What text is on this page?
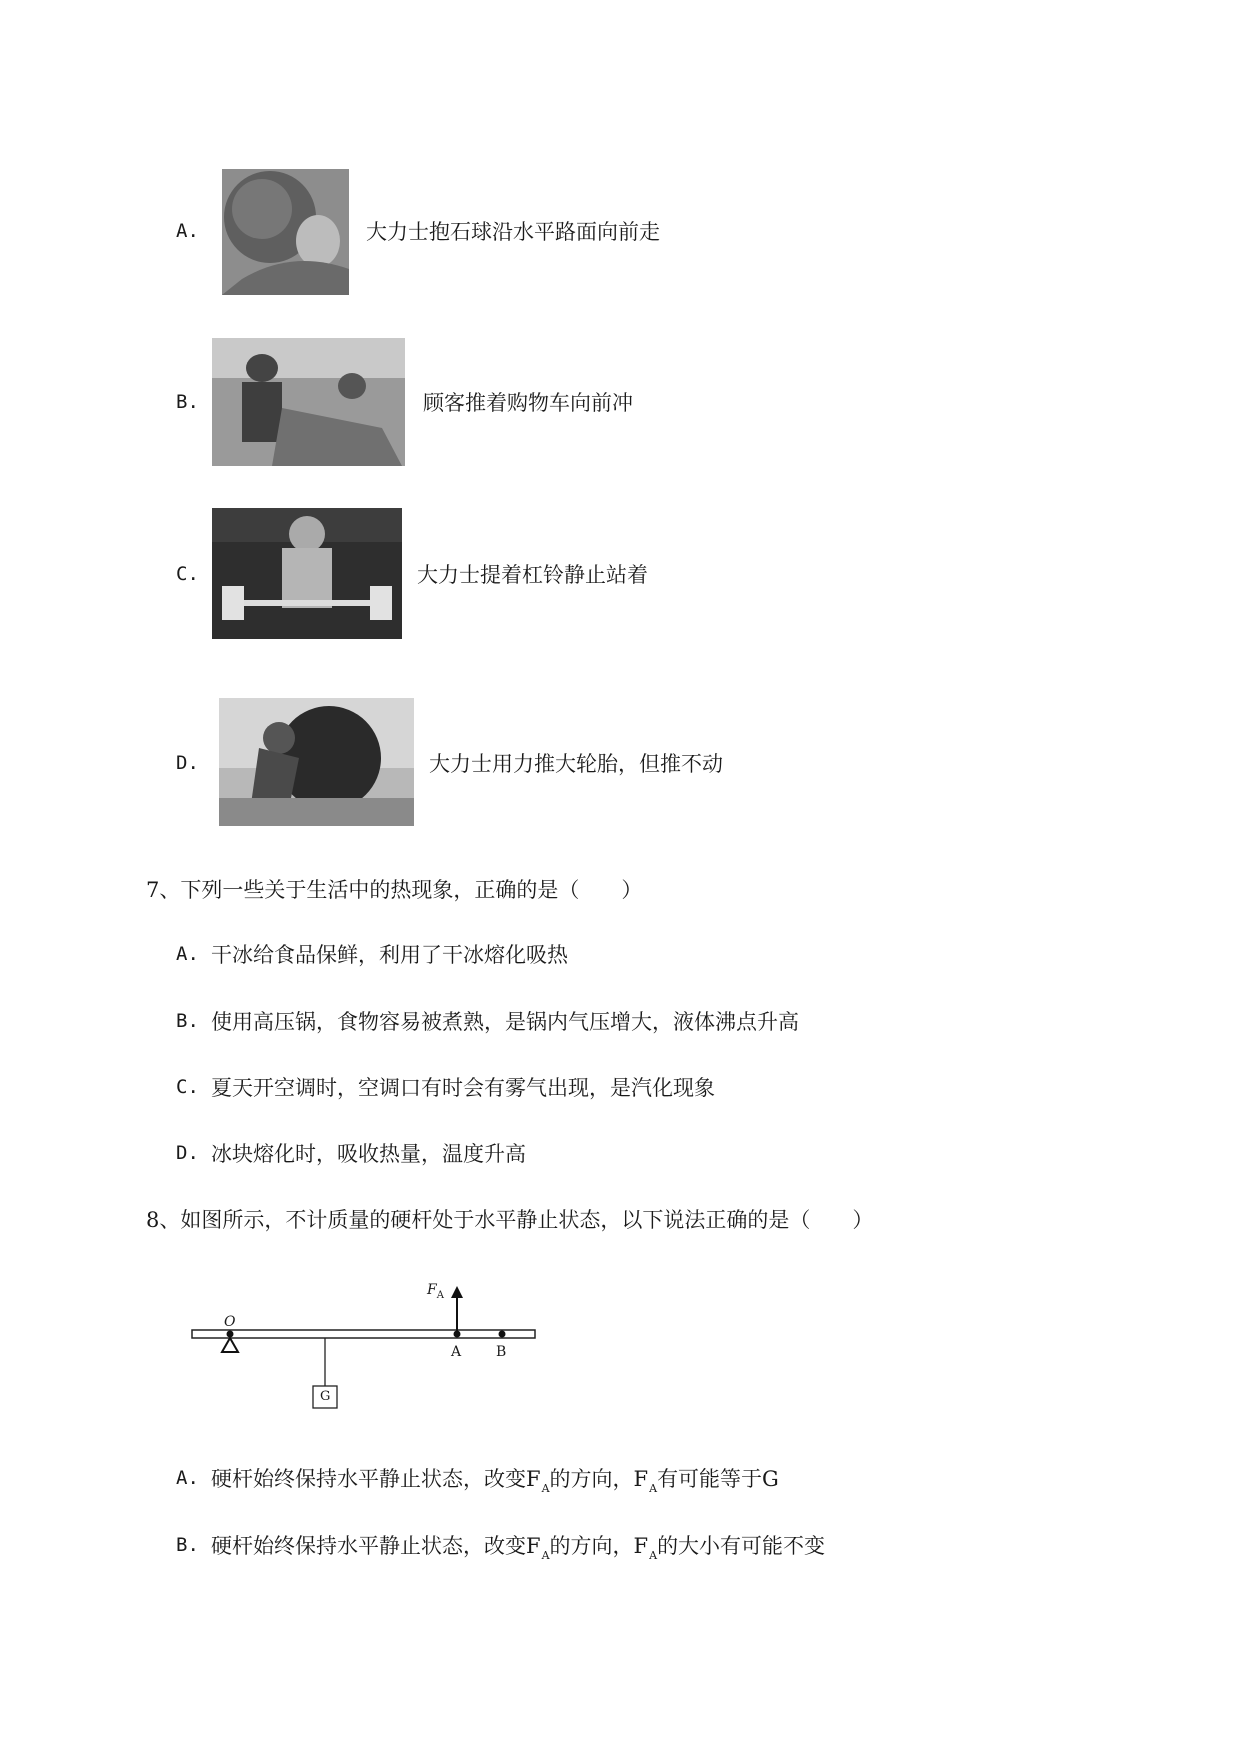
A.	大力士抱石球沿水平路面向前走
B.	顾客推着购物车向前冲
C.	大力士提着杠铃静止站着
D.	大力士用力推大轮胎，但推不动
7、下列一些关于生活中的热现象，正确的是（　　）
A. 干冰给食品保鲜，利用了干冰熔化吸热
B. 使用高压锅，食物容易被煮熟，是锅内气压增大，液体沸点升高
C. 夏天开空调时，空调口有时会有雾气出现，是汽化现象
D. 冰块熔化时，吸收热量，温度升高
8、如图所示，不计质量的硬杆处于水平静止状态，以下说法正确的是（　　）
O
$F_A$
A B
G
A. 硬杆始终保持水平静止状态，改变$F_A$的方向，$F_A$有可能等于G
B. 硬杆始终保持水平静止状态，改变$F_A$的方向，$F_A$的大小有可能不变
